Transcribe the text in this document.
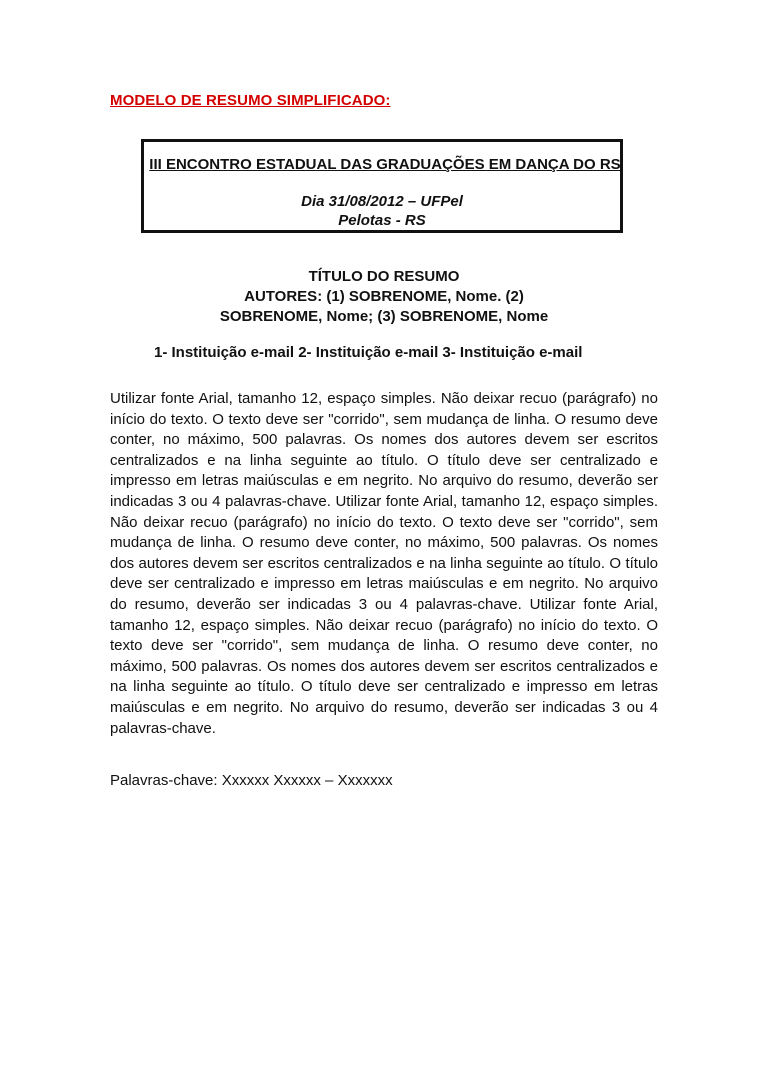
MODELO DE RESUMO SIMPLIFICADO:
III ENCONTRO ESTADUAL DAS GRADUAÇÕES EM DANÇA DO RS
Dia 31/08/2012 – UFPel
Pelotas - RS
TÍTULO DO RESUMO
AUTORES: (1) SOBRENOME, Nome. (2)
SOBRENOME, Nome; (3) SOBRENOME, Nome
1- Instituição e-mail 2- Instituição e-mail 3- Instituição e-mail

Utilizar fonte Arial, tamanho 12, espaço simples. Não deixar recuo (parágrafo) no início do texto. O texto deve ser "corrido", sem mudança de linha. O resumo deve conter, no máximo, 500 palavras. Os nomes dos autores devem ser escritos centralizados e na linha seguinte ao título. O título deve ser centralizado e impresso em letras maiúsculas e em negrito. No arquivo do resumo, deverão ser indicadas 3 ou 4 palavras-chave. Utilizar fonte Arial, tamanho 12, espaço simples. Não deixar recuo (parágrafo) no início do texto. O texto deve ser "corrido", sem mudança de linha. O resumo deve conter, no máximo, 500 palavras. Os nomes dos autores devem ser escritos centralizados e na linha seguinte ao título. O título deve ser centralizado e impresso em letras maiúsculas e em negrito. No arquivo do resumo, deverão ser indicadas 3 ou 4 palavras-chave. Utilizar fonte Arial, tamanho 12, espaço simples. Não deixar recuo (parágrafo) no início do texto. O texto deve ser "corrido", sem mudança de linha. O resumo deve conter, no máximo, 500 palavras. Os nomes dos autores devem ser escritos centralizados e na linha seguinte ao título. O título deve ser centralizado e impresso em letras maiúsculas e em negrito. No arquivo do resumo, deverão ser indicadas 3 ou 4 palavras-chave.

Palavras-chave: Xxxxxx Xxxxxx – Xxxxxxx
